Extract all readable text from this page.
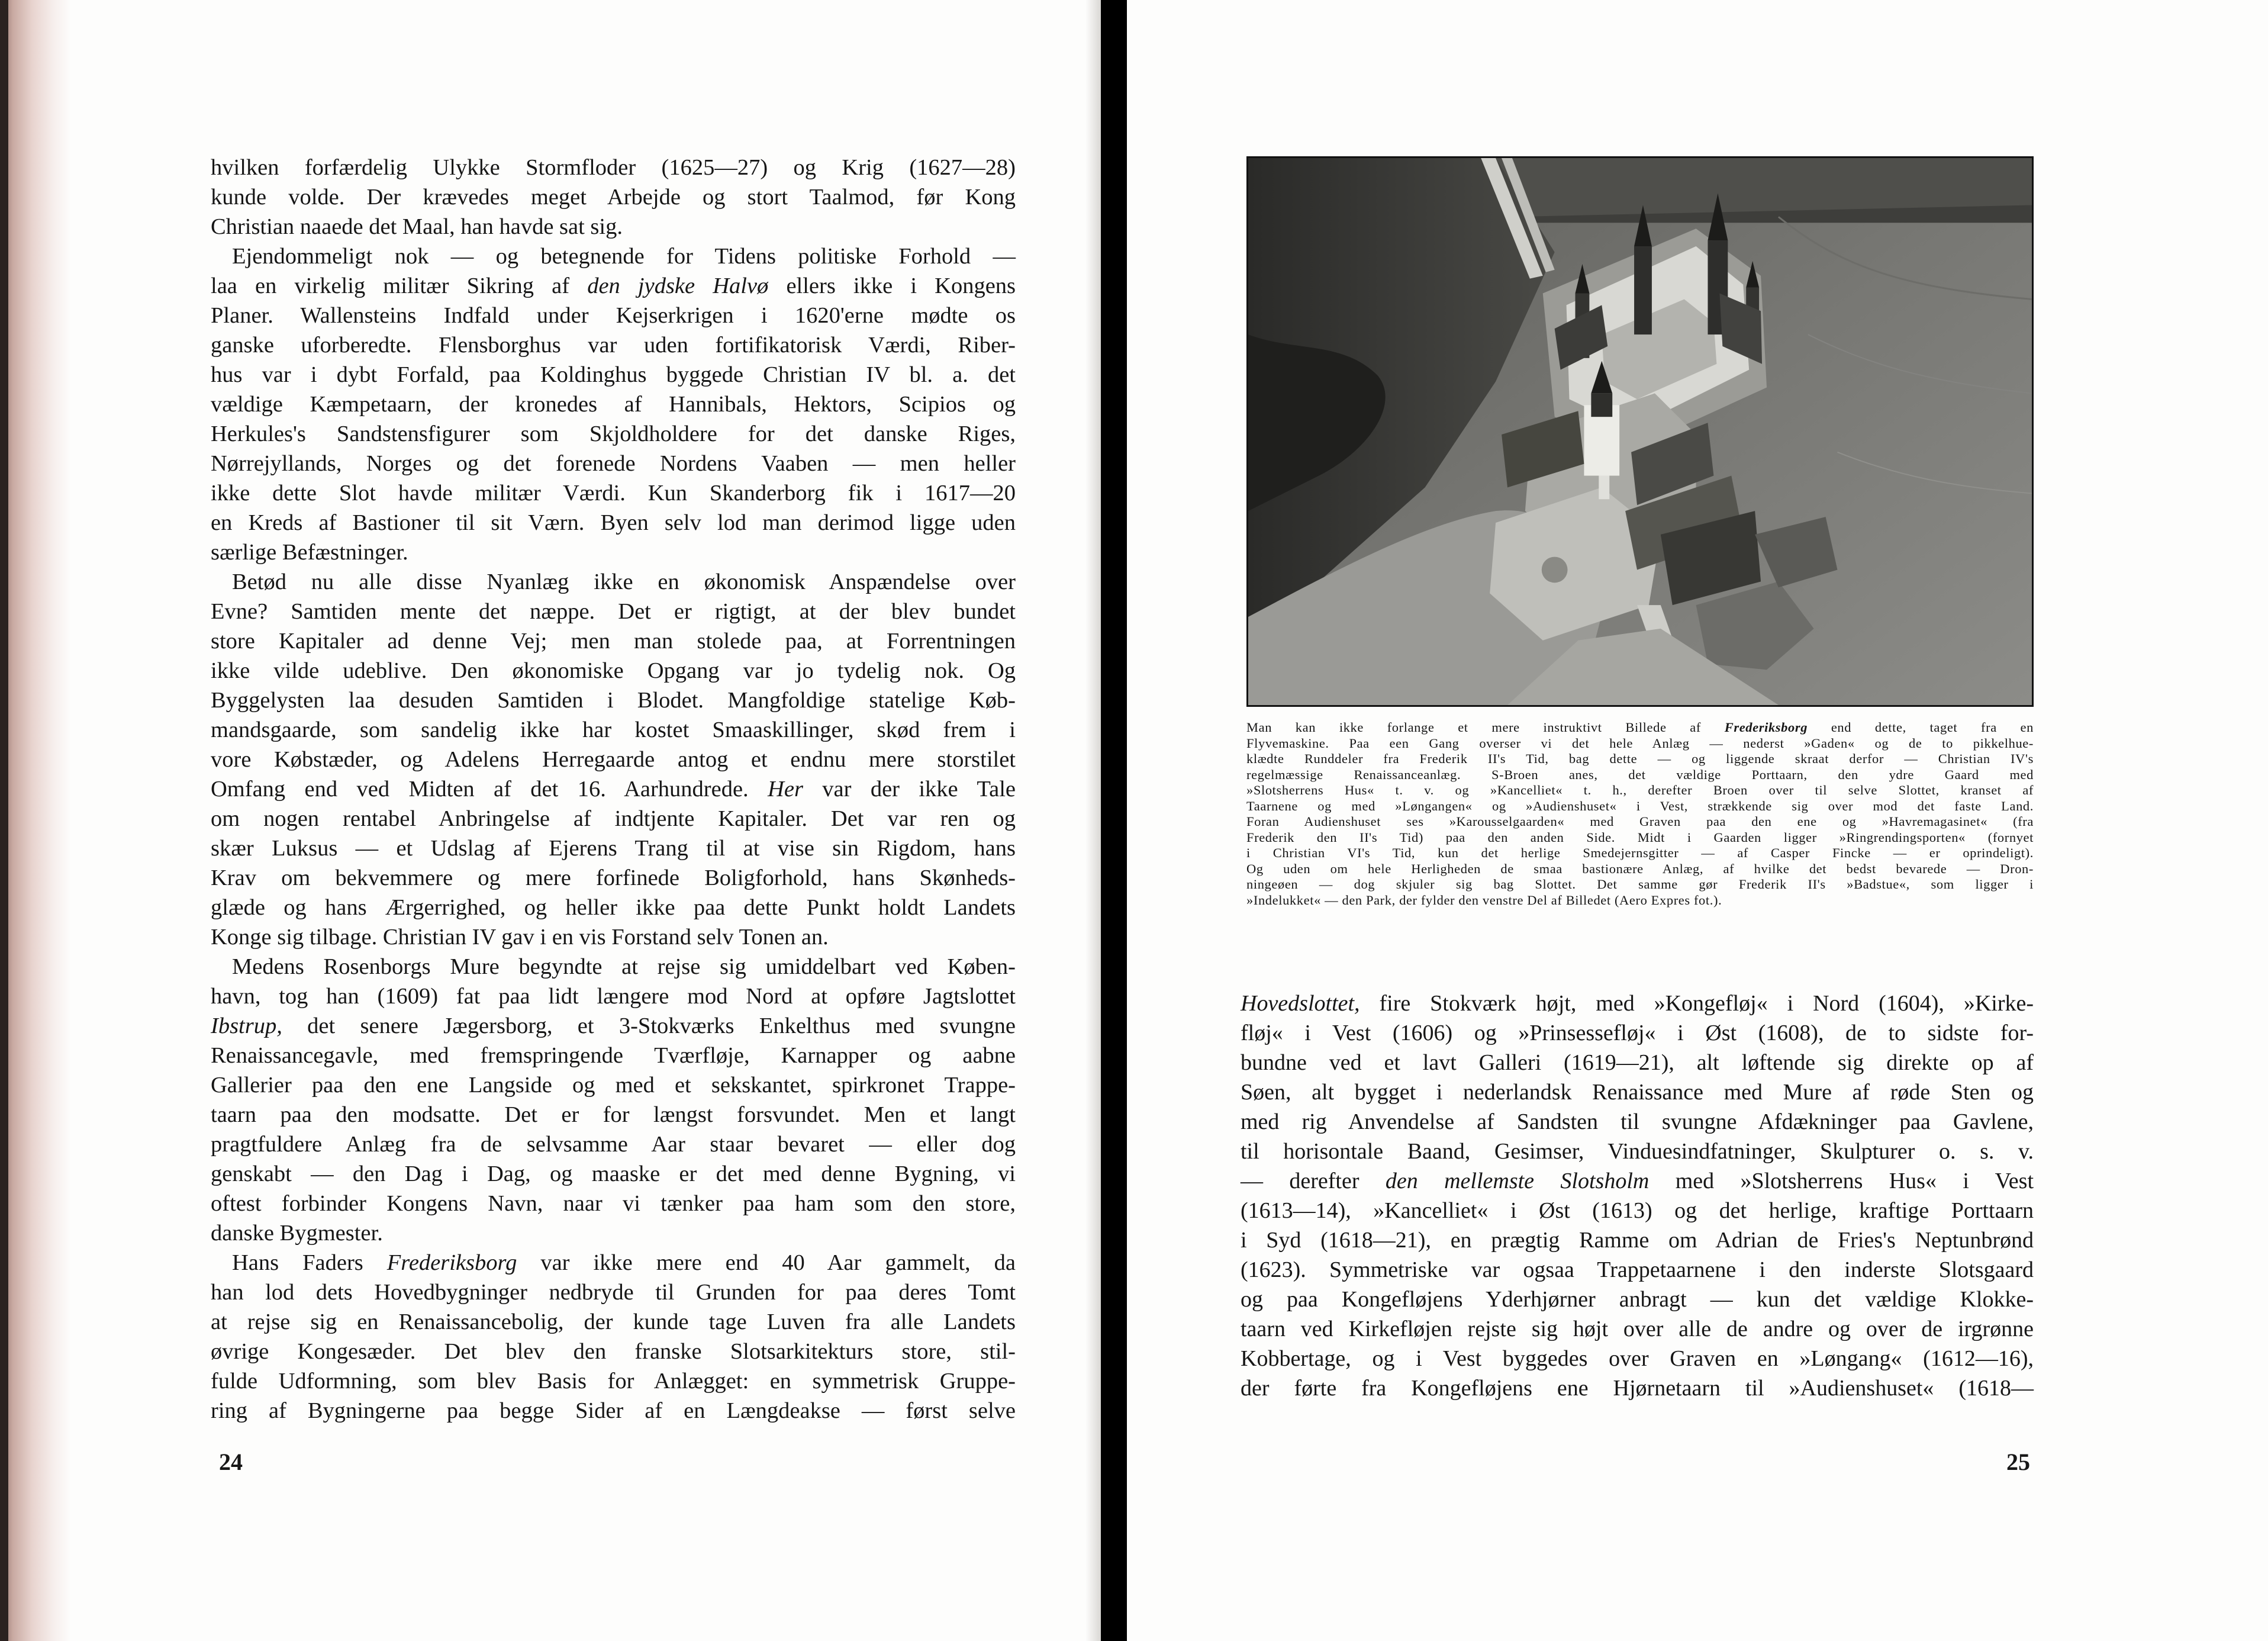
hvilken forfærdelig Ulykke Stormfloder (1625—27) og Krig (1627—28)

kunde volde. Der krævedes meget Arbejde og stort Taalmod, før Kong

Christian naaede det Maal, han havde sat sig.

Ejendommeligt nok — og betegnende for Tidens politiske Forhold —

laa en virkelig militær Sikring af den jydske Halvø ellers ikke i Kongens

Planer. Wallensteins Indfald under Kejserkrigen i 1620'erne mødte os

ganske uforberedte. Flensborghus var uden fortifikatorisk Værdi, Riber-

hus var i dybt Forfald, paa Koldinghus byggede Christian IV bl. a. det

vældige Kæmpetaarn, der kronedes af Hannibals, Hektors, Scipios og

Herkules's Sandstensfigurer som Skjoldholdere for det danske Riges,

Nørrejyllands, Norges og det forenede Nordens Vaaben — men heller

ikke dette Slot havde militær Værdi. Kun Skanderborg fik i 1617—20

en Kreds af Bastioner til sit Værn. Byen selv lod man derimod ligge uden

særlige Befæstninger.

Betød nu alle disse Nyanlæg ikke en økonomisk Anspændelse over

Evne? Samtiden mente det næppe. Det er rigtigt, at der blev bundet

store Kapitaler ad denne Vej; men man stolede paa, at Forrentningen

ikke vilde udeblive. Den økonomiske Opgang var jo tydelig nok. Og

Byggelysten laa desuden Samtiden i Blodet. Mangfoldige statelige Køb-

mandsgaarde, som sandelig ikke har kostet Smaaskillinger, skød frem i

vore Købstæder, og Adelens Herregaarde antog et endnu mere storstilet

Omfang end ved Midten af det 16. Aarhundrede. Her var der ikke Tale

om nogen rentabel Anbringelse af indtjente Kapitaler. Det var ren og

skær Luksus — et Udslag af Ejerens Trang til at vise sin Rigdom, hans

Krav om bekvemmere og mere forfinede Boligforhold, hans Skønheds-

glæde og hans Ærgerrighed, og heller ikke paa dette Punkt holdt Landets

Konge sig tilbage. Christian IV gav i en vis Forstand selv Tonen an.

Medens Rosenborgs Mure begyndte at rejse sig umiddelbart ved Køben-

havn, tog han (1609) fat paa lidt længere mod Nord at opføre Jagtslottet

Ibstrup, det senere Jægersborg, et 3-Stokværks Enkelthus med svungne

Renaissancegavle, med fremspringende Tværfløje, Karnapper og aabne

Gallerier paa den ene Langside og med et sekskantet, spirkronet Trappe-

taarn paa den modsatte. Det er for længst forsvundet. Men et langt

pragtfuldere Anlæg fra de selvsamme Aar staar bevaret — eller dog

genskabt — den Dag i Dag, og maaske er det med denne Bygning, vi

oftest forbinder Kongens Navn, naar vi tænker paa ham som den store,

danske Bygmester.

Hans Faders Frederiksborg var ikke mere end 40 Aar gammelt, da

han lod dets Hovedbygninger nedbryde til Grunden for paa deres Tomt

at rejse sig en Renaissancebolig, der kunde tage Luven fra alle Landets

øvrige Kongesæder. Det blev den franske Slotsarkitekturs store, stil-

fulde Udformning, som blev Basis for Anlægget: en symmetrisk Gruppe-

ring af Bygningerne paa begge Sider af en Længdeakse — først selve

24

Man kan ikke forlange et mere instruktivt Billede af Frederiksborg end dette, taget fra en

Flyvemaskine. Paa een Gang overser vi det hele Anlæg — nederst »Gaden« og de to pikkelhue-

klædte Runddeler fra Frederik II's Tid, bag dette — og liggende skraat derfor — Christian IV's

regelmæssige Renaissanceanlæg. S-Broen anes, det vældige Porttaarn, den ydre Gaard med

»Slotsherrens Hus« t. v. og »Kancelliet« t. h., derefter Broen over til selve Slottet, kranset af

Taarnene og med »Løngangen« og »Audienshuset« i Vest, strækkende sig over mod det faste Land.

Foran Audienshuset ses »Karousselgaarden« med Graven paa den ene og »Havremagasinet« (fra

Frederik den II's Tid) paa den anden Side. Midt i Gaarden ligger »Ringrendingsporten« (fornyet

i Christian VI's Tid, kun det herlige Smedejernsgitter — af Casper Fincke — er oprindeligt).

Og uden om hele Herligheden de smaa bastionære Anlæg, af hvilke det bedst bevarede — Dron-

ningeøen — dog skjuler sig bag Slottet. Det samme gør Frederik II's »Badstue«, som ligger i

»Indelukket« — den Park, der fylder den venstre Del af Billedet (Aero Expres fot.).

Hovedslottet, fire Stokværk højt, med »Kongefløj« i Nord (1604), »Kirke-

fløj« i Vest (1606) og »Prinsessefløj« i Øst (1608), de to sidste for-

bundne ved et lavt Galleri (1619—21), alt løftende sig direkte op af

Søen, alt bygget i nederlandsk Renaissance med Mure af røde Sten og

med rig Anvendelse af Sandsten til svungne Afdækninger paa Gavlene,

til horisontale Baand, Gesimser, Vinduesindfatninger, Skulpturer o. s. v.

— derefter den mellemste Slotsholm med »Slotsherrens Hus« i Vest

(1613—14), »Kancelliet« i Øst (1613) og det herlige, kraftige Porttaarn

i Syd (1618—21), en prægtig Ramme om Adrian de Fries's Neptunbrønd

(1623). Symmetriske var ogsaa Trappetaarnene i den inderste Slotsgaard

og paa Kongefløjens Yderhjørner anbragt — kun det vældige Klokke-

taarn ved Kirkefløjen rejste sig højt over alle de andre og over de irgrønne

Kobbertage, og i Vest byggedes over Graven en »Løngang« (1612—16),

der førte fra Kongefløjens ene Hjørnetaarn til »Audienshuset« (1618—

25
